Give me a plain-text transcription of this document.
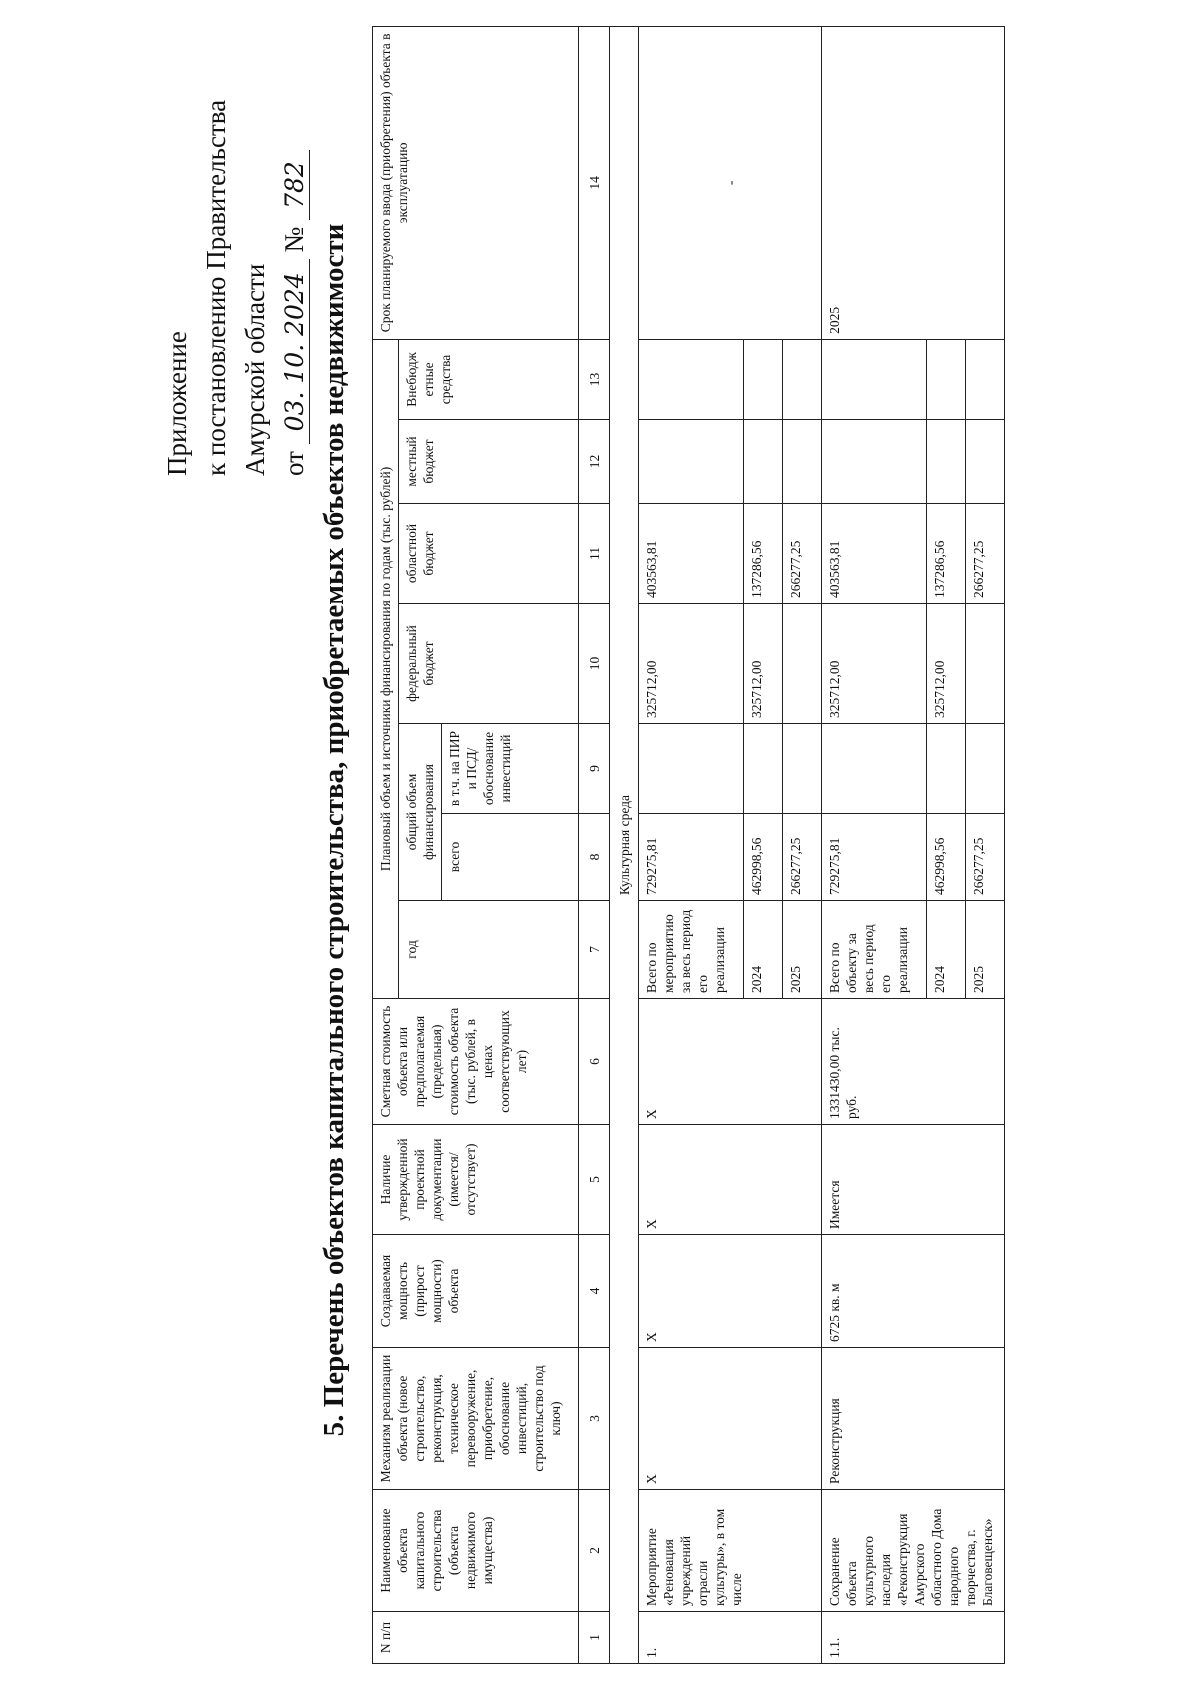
Приложение к постановлению Правительства Амурской области от 03. 10. 2024 № 782
5. Перечень объектов капитального строительства, приобретаемых объектов недвижимости
N п/п	Наименование объекта капитального строительства (объекта недвижимого имущества)	Механизм реализации объекта (новое строительство, реконструкция, техническое перевооружение, приобретение, обоснование инвестиций, строительство под ключ)	Создаваемая мощность (прирост мощности) объекта	Наличие утвержденной проектной документации (имеется/ отсутствует)	Сметная стоимость объекта или предполагаемая (предельная) стоимость объекта (тыс. рублей, в ценах соответствующих лет)	Плановый объем и источники финансирования по годам (тыс. рублей)							Срок планируемого ввода (приобретения) объекта в эксплуатацию
						год	общий объем финансирования		федеральный бюджет	областной бюджет	местный бюджет	Внебюдж етные средства	
							всего	в т.ч. на ПИР и ПСД/ обоснование инвестиций					
1	2	3	4	5	6	7	8	9	10	11	12	13	14
Культурная среда													
1.	Мероприятие «Реновация учреждений отрасли культуры», в том числе	Х	Х	Х	Х	Всего по мероприятию за весь период его реализации	729275,81		325712,00	403563,81			-
						2024	462998,56		325712,00	137286,56			
						2025	266277,25			266277,25			
1.1.	Сохранение объекта культурного наследия «Реконструкция Амурского областного Дома народного творчества, г. Благовещенск»	Реконструкция	6725 кв. м	Имеется	1331430,00 тыс. руб.	Всего по объекту за весь период его реализации	729275,81		325712,00	403563,81			2025
						2024	462998,56		325712,00	137286,56			
						2025	266277,25			266277,25			
